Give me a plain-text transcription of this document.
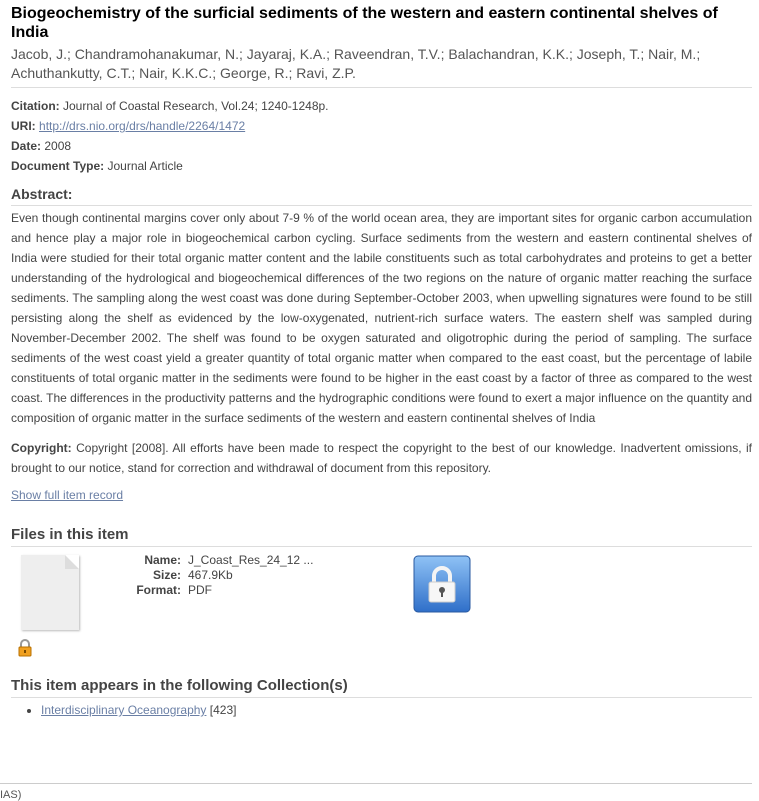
Biogeochemistry of the surficial sediments of the western and eastern continental shelves of India
Jacob, J.; Chandramohanakumar, N.; Jayaraj, K.A.; Raveendran, T.V.; Balachandran, K.K.; Joseph, T.; Nair, M.; Achuthankutty, C.T.; Nair, K.K.C.; George, R.; Ravi, Z.P.
Citation: Journal of Coastal Research, Vol.24; 1240-1248p.
URI: http://drs.nio.org/drs/handle/2264/1472
Date: 2008
Document Type: Journal Article
Abstract:
Even though continental margins cover only about 7-9 % of the world ocean area, they are important sites for organic carbon accumulation and hence play a major role in biogeochemical carbon cycling. Surface sediments from the western and eastern continental shelves of India were studied for their total organic matter content and the labile constituents such as total carbohydrates and proteins to get a better understanding of the hydrological and biogeochemical differences of the two regions on the nature of organic matter reaching the surface sediments. The sampling along the west coast was done during September-October 2003, when upwelling signatures were found to be still persisting along the shelf as evidenced by the low-oxygenated, nutrient-rich surface waters. The eastern shelf was sampled during November-December 2002. The shelf was found to be oxygen saturated and oligotrophic during the period of sampling. The surface sediments of the west coast yield a greater quantity of total organic matter when compared to the east coast, but the percentage of labile constituents of total organic matter in the sediments were found to be higher in the east coast by a factor of three as compared to the west coast. The differences in the productivity patterns and the hydrographic conditions were found to exert a major influence on the quantity and composition of organic matter in the surface sediments of the western and eastern continental shelves of India
Copyright: Copyright [2008]. All efforts have been made to respect the copyright to the best of our knowledge. Inadvertent omissions, if brought to our notice, stand for correction and withdrawal of document from this repository.
Show full item record
Files in this item
Name: J_Coast_Res_24_12 ...
Size: 467.9Kb
Format: PDF
This item appears in the following Collection(s)
• Interdisciplinary Oceanography [423]
IAS)
